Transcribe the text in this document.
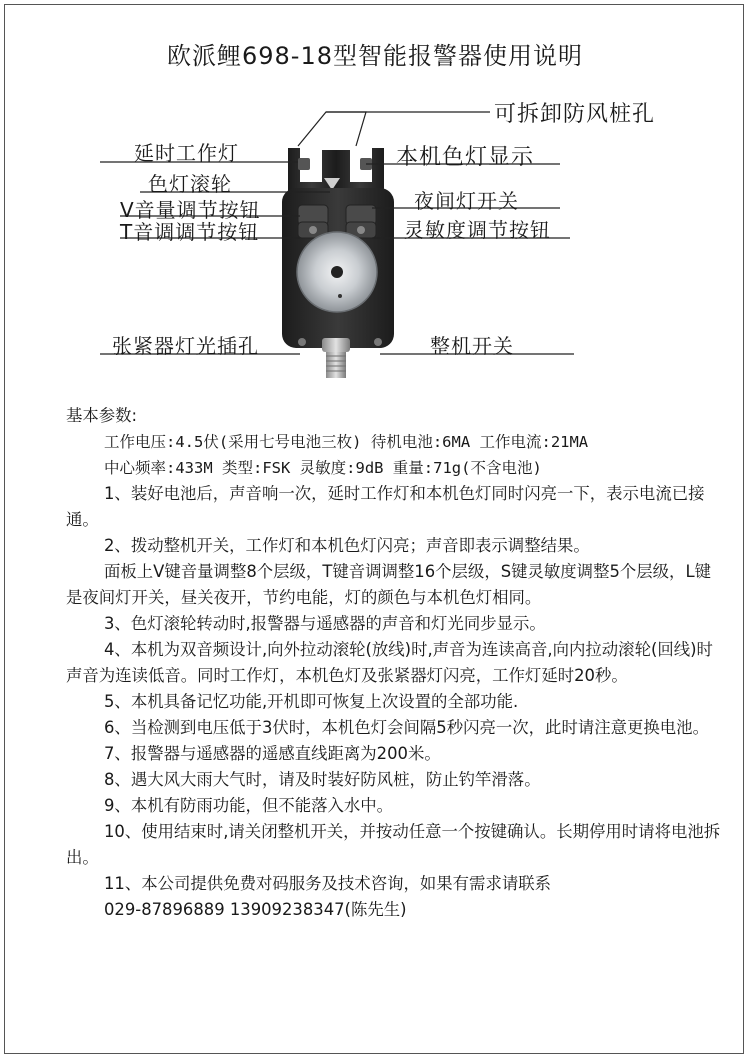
欧派鲤698-18型智能报警器使用说明
可拆卸防风桩孔
延时工作灯	本机色灯显示
色灯滚轮
夜间灯开关
V音量调节按钮
T音调调节按钮	灵敏度调节按钮
张紧器灯光插孔	整机开关

基本参数:

工作电压:4.5伏(采用七号电池三枚) 待机电池:6MA 工作电流:21MA

中心频率:433M 类型:FSK 灵敏度:9dB 重量:71g(不含电池)

1、装好电池后，声音响一次，延时工作灯和本机色灯同时闪亮一下，表示电流已接通。

2、拨动整机开关，工作灯和本机色灯闪亮；声音即表示调整结果。

面板上V键音量调整8个层级，T键音调调整16个层级，S键灵敏度调整5个层级，L键是夜间灯开关，昼关夜开，节约电能，灯的颜色与本机色灯相同。

3、色灯滚轮转动时,报警器与遥感器的声音和灯光同步显示。

4、本机为双音频设计,向外拉动滚轮(放线)时,声音为连读高音,向内拉动滚轮(回线)时声音为连读低音。同时工作灯，本机色灯及张紧器灯闪亮，工作灯延时20秒。

5、本机具备记忆功能,开机即可恢复上次设置的全部功能.

6、当检测到电压低于3伏时，本机色灯会间隔5秒闪亮一次，此时请注意更换电池。

7、报警器与遥感器的遥感直线距离为200米。

8、遇大风大雨大气时，请及时装好防风桩，防止钓竿滑落。

9、本机有防雨功能，但不能落入水中。

10、使用结束时,请关闭整机开关，并按动任意一个按键确认。长期停用时请将电池拆出。

11、本公司提供免费对码服务及技术咨询，如果有需求请联系

029-87896889 13909238347(陈先生)
